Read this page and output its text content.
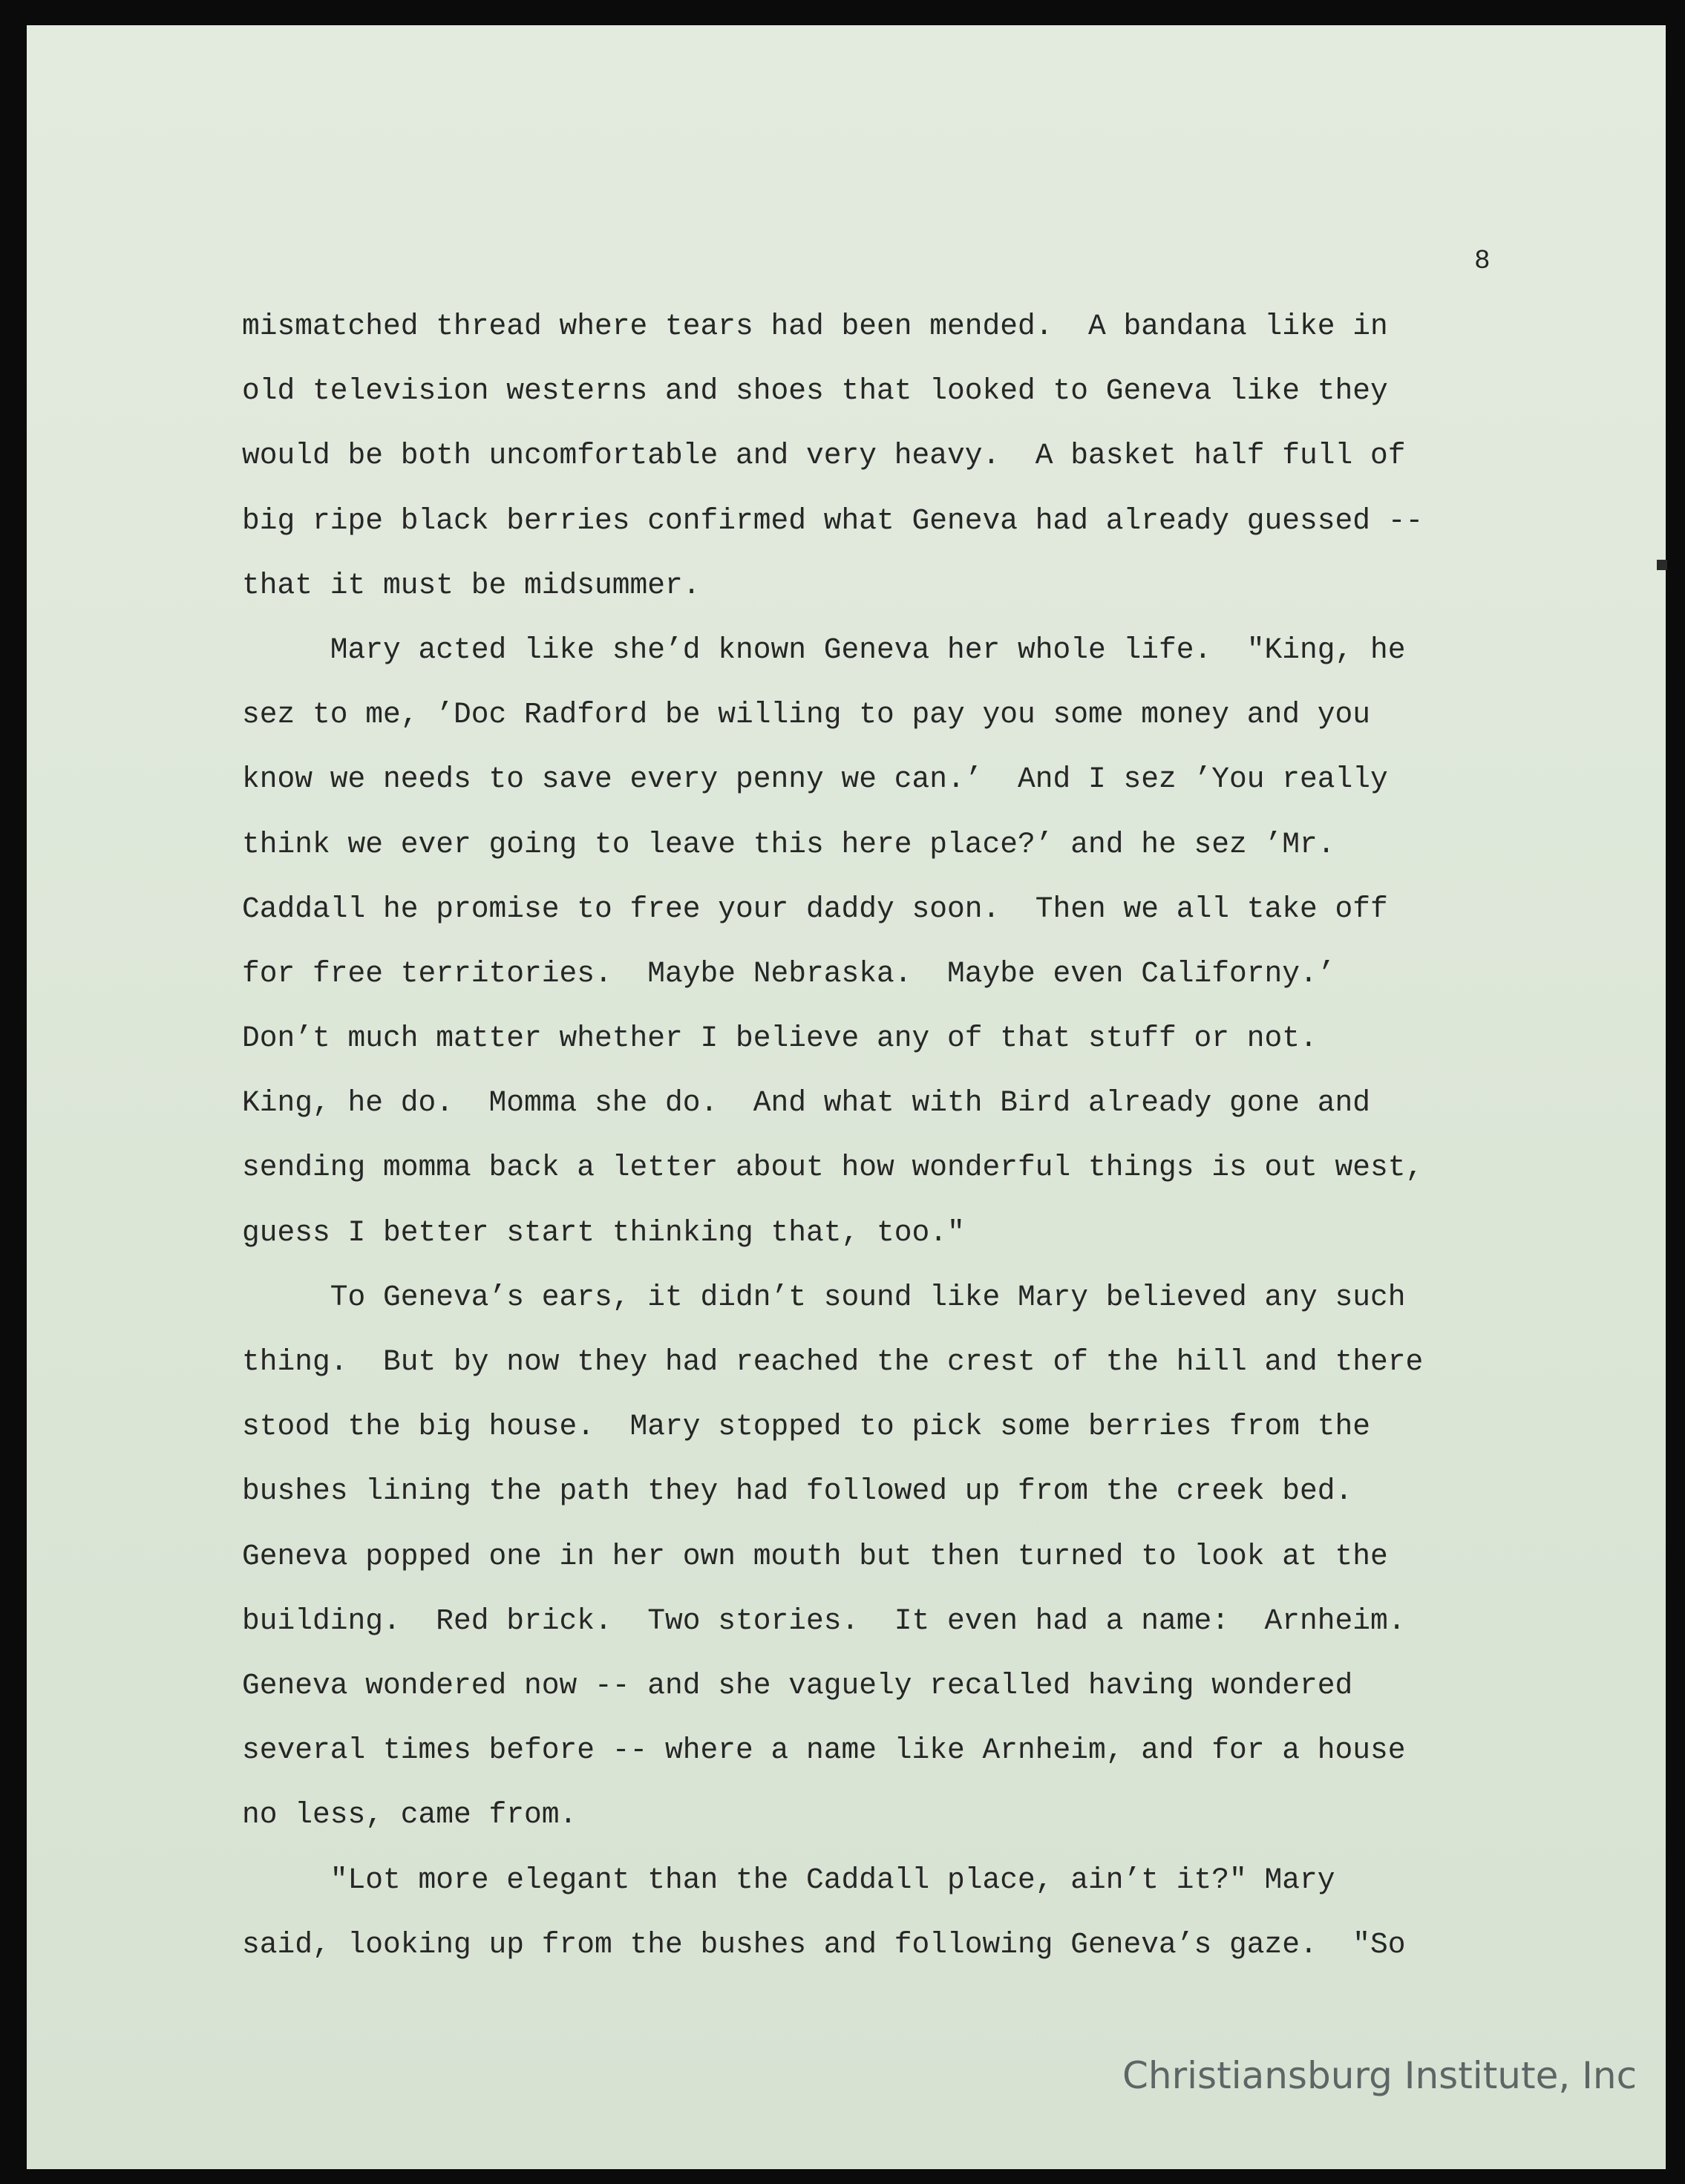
8
mismatched thread where tears had been mended.  A bandana like in
old television westerns and shoes that looked to Geneva like they
would be both uncomfortable and very heavy.  A basket half full of
big ripe black berries confirmed what Geneva had already guessed --
that it must be midsummer.
Mary acted like she’d known Geneva her whole life.  "King, he
sez to me, ’Doc Radford be willing to pay you some money and you
know we needs to save every penny we can.’  And I sez ’You really
think we ever going to leave this here place?’ and he sez ’Mr.
Caddall he promise to free your daddy soon.  Then we all take off
for free territories.  Maybe Nebraska.  Maybe even Californy.’
Don’t much matter whether I believe any of that stuff or not.
King, he do.  Momma she do.  And what with Bird already gone and
sending momma back a letter about how wonderful things is out west,
guess I better start thinking that, too."
To Geneva’s ears, it didn’t sound like Mary believed any such
thing.  But by now they had reached the crest of the hill and there
stood the big house.  Mary stopped to pick some berries from the
bushes lining the path they had followed up from the creek bed.
Geneva popped one in her own mouth but then turned to look at the
building.  Red brick.  Two stories.  It even had a name:  Arnheim.
Geneva wondered now -- and she vaguely recalled having wondered
several times before -- where a name like Arnheim, and for a house
no less, came from.
"Lot more elegant than the Caddall place, ain’t it?" Mary
said, looking up from the bushes and following Geneva’s gaze.  "So
Christiansburg Institute, Inc
